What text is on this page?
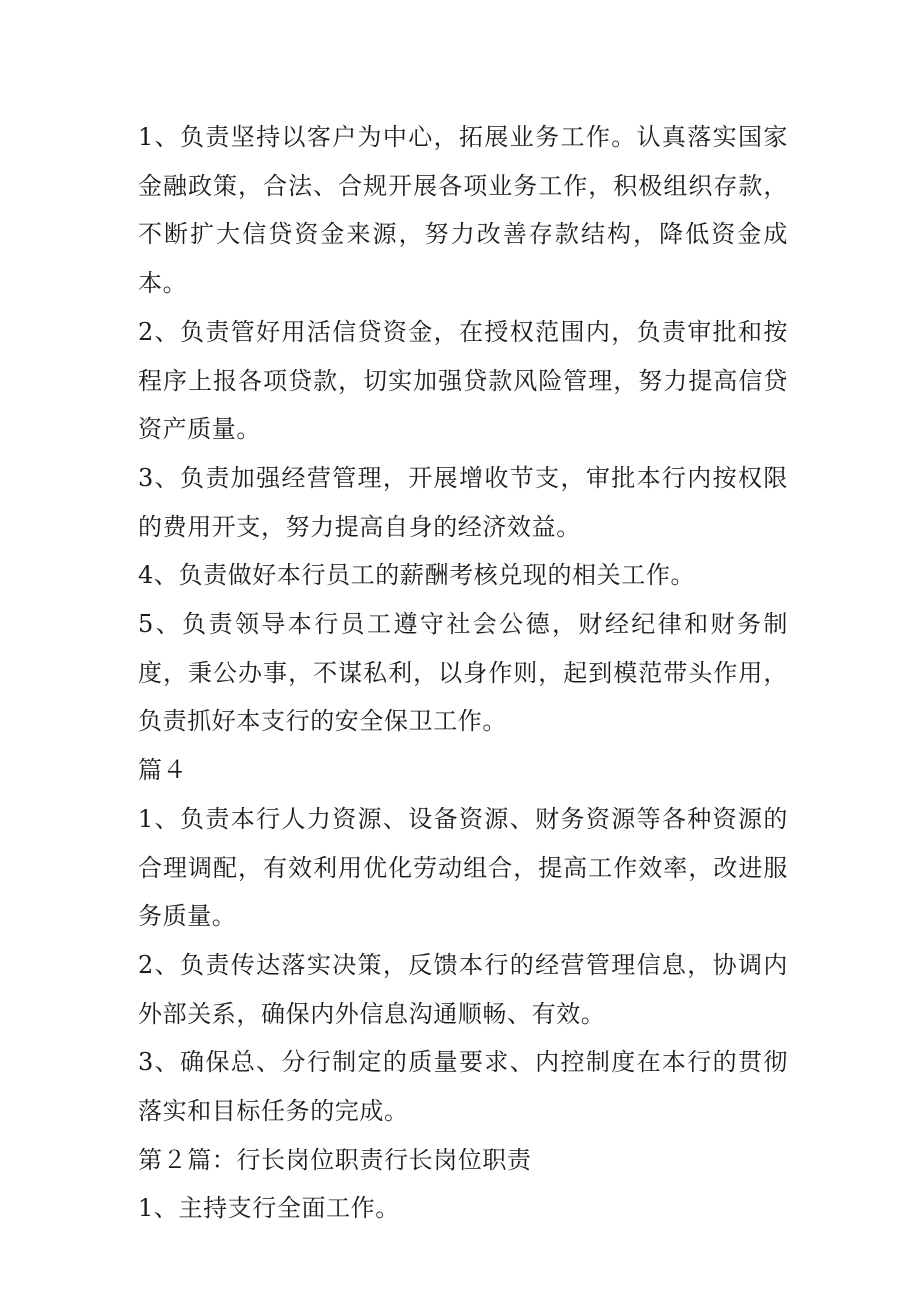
1、负责坚持以客户为中心，拓展业务工作。认真落实国家金融政策，合法、合规开展各项业务工作，积极组织存款，不断扩大信贷资金来源，努力改善存款结构，降低资金成本。

2、负责管好用活信贷资金，在授权范围内，负责审批和按程序上报各项贷款，切实加强贷款风险管理，努力提高信贷资产质量。

3、负责加强经营管理，开展增收节支，审批本行内按权限的费用开支，努力提高自身的经济效益。

4、负责做好本行员工的薪酬考核兑现的相关工作。

5、负责领导本行员工遵守社会公德，财经纪律和财务制度，秉公办事，不谋私利，以身作则，起到模范带头作用，负责抓好本支行的安全保卫工作。

篇４

1、负责本行人力资源、设备资源、财务资源等各种资源的合理调配，有效利用优化劳动组合，提高工作效率，改进服务质量。

2、负责传达落实决策，反馈本行的经营管理信息，协调内外部关系，确保内外信息沟通顺畅、有效。

3、确保总、分行制定的质量要求、内控制度在本行的贯彻落实和目标任务的完成。

第２篇：行长岗位职责行长岗位职责

1、主持支行全面工作。
